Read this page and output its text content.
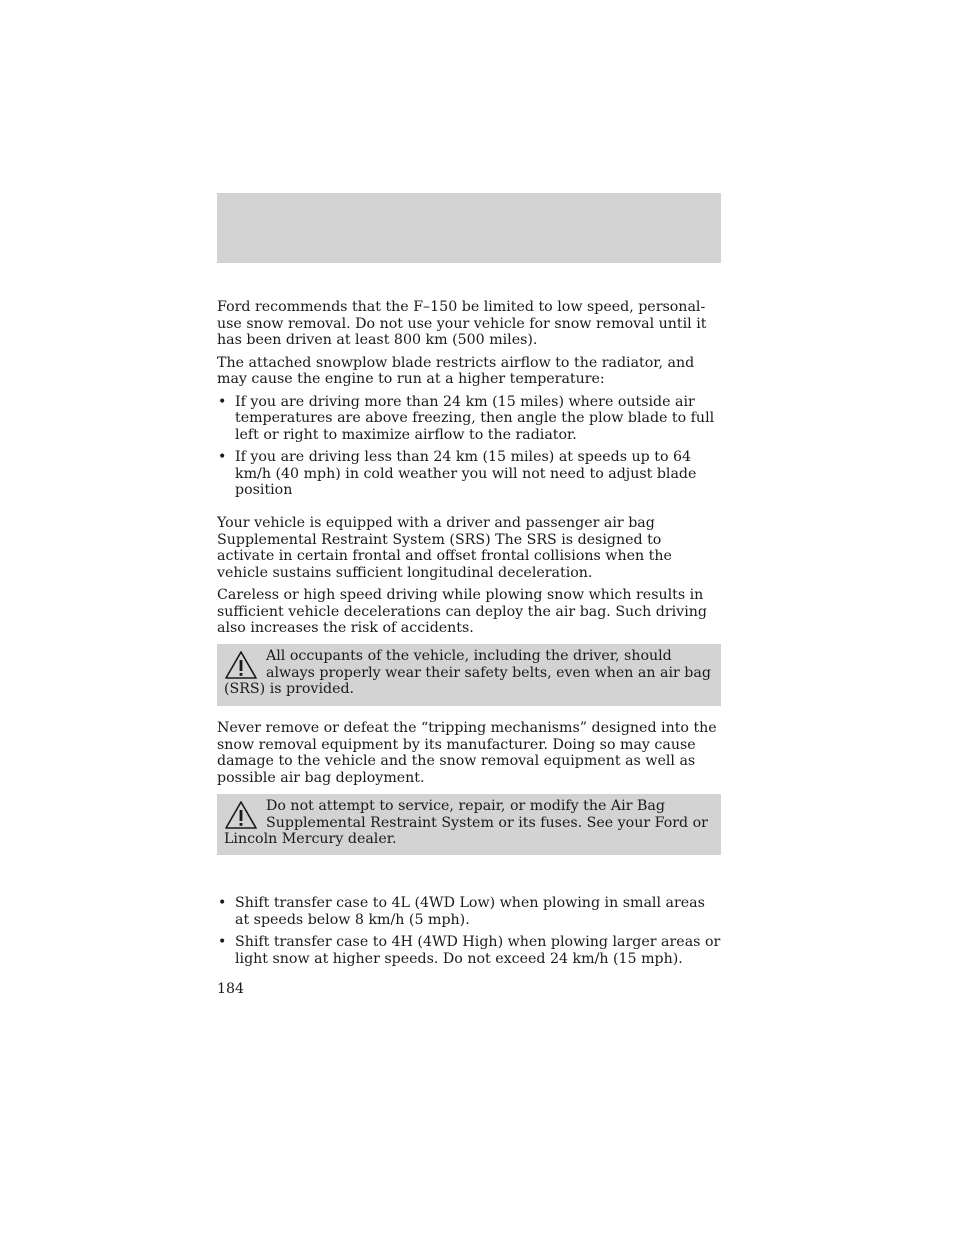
Ford recommends that the F–150 be limited to low speed, personal-use snow removal. Do not use your vehicle for snow removal until it has been driven at least 800 km (500 miles).

The attached snowplow blade restricts airflow to the radiator, and may cause the engine to run at a higher temperature:

• If you are driving more than 24 km (15 miles) where outside air temperatures are above freezing, then angle the plow blade to full left or right to maximize airflow to the radiator.
• If you are driving less than 24 km (15 miles) at speeds up to 64 km/h (40 mph) in cold weather you will not need to adjust blade position

Your vehicle is equipped with a driver and passenger air bag Supplemental Restraint System (SRS) The SRS is designed to activate in certain frontal and offset frontal collisions when the vehicle sustains sufficient longitudinal deceleration.

Careless or high speed driving while plowing snow which results in sufficient vehicle decelerations can deploy the air bag. Such driving also increases the risk of accidents.

All occupants of the vehicle, including the driver, should always properly wear their safety belts, even when an air bag (SRS) is provided.

Never remove or defeat the “tripping mechanisms” designed into the snow removal equipment by its manufacturer. Doing so may cause damage to the vehicle and the snow removal equipment as well as possible air bag deployment.

Do not attempt to service, repair, or modify the Air Bag Supplemental Restraint System or its fuses. See your Ford or Lincoln Mercury dealer.
• Shift transfer case to 4L (4WD Low) when plowing in small areas at speeds below 8 km/h (5 mph).
• Shift transfer case to 4H (4WD High) when plowing larger areas or light snow at higher speeds. Do not exceed 24 km/h (15 mph).
184
